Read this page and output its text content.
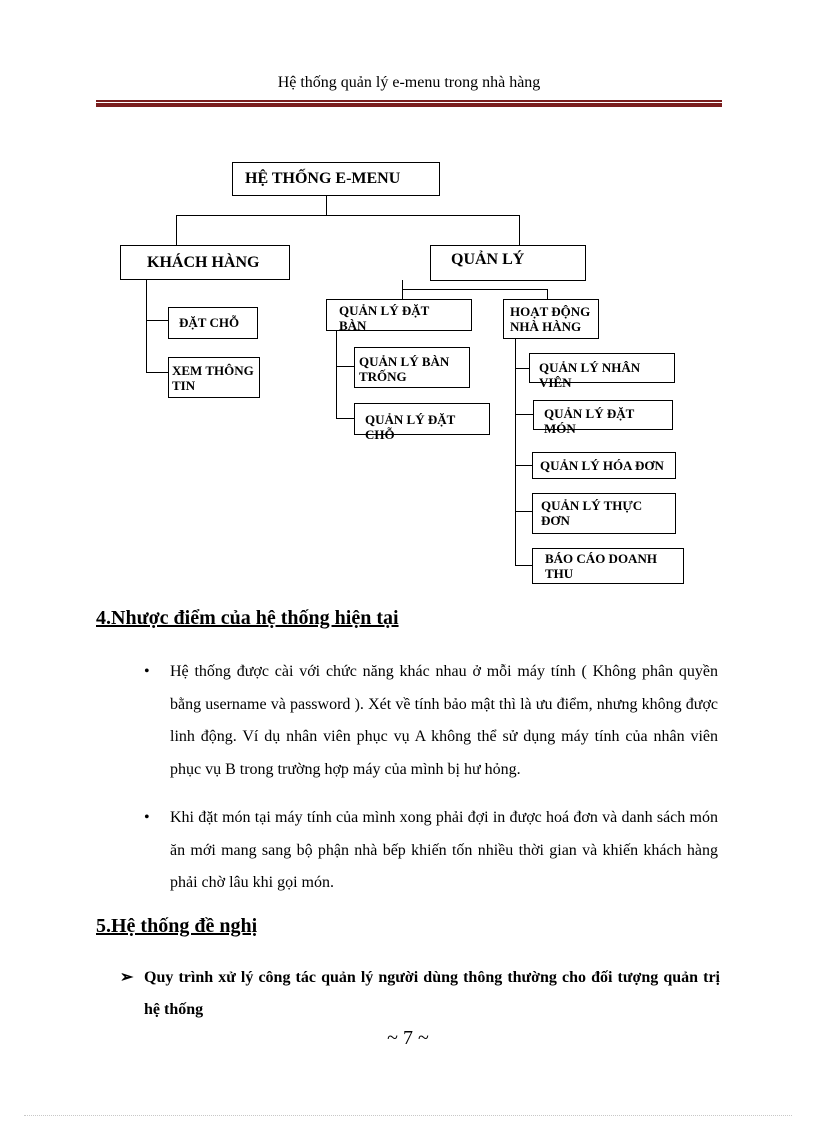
Hệ thống quản lý e-menu trong nhà hàng
HỆ THỐNG E-MENU
KHÁCH HÀNG
ĐẶT CHỖ
XEM THÔNG TIN
QUẢN LÝ
QUẢN LÝ ĐẶT BÀN
QUẢN LÝ BÀN TRỐNG
QUẢN LÝ ĐẶT CHỖ
HOẠT ĐỘNG NHÀ HÀNG
QUẢN LÝ NHÂN VIÊN
QUẢN LÝ ĐẶT MÓN
QUẢN LÝ HÓA ĐƠN
QUẢN LÝ THỰC ĐƠN
BÁO CÁO DOANH THU
4.Nhược điểm của hệ thống hiện tại
• Hệ thống được cài với chức năng khác nhau ở mỗi máy tính ( Không phân quyền bằng username và password ). Xét về tính bảo mật thì là ưu điểm, nhưng không được linh động. Ví dụ nhân viên phục vụ A không thể sử dụng máy tính của nhân viên phục vụ B trong trường hợp máy của mình bị hư hỏng.
• Khi đặt món tại máy tính của mình xong phải đợi in được hoá đơn và danh sách món ăn mới mang sang bộ phận nhà bếp khiến tốn nhiều thời gian và khiến khách hàng phải chờ lâu khi gọi món.
5.Hệ thống đề nghị
➢ Quy trình xử lý công tác quản lý người dùng thông thường cho đối tượng quản trị hệ thống
~ 7 ~
